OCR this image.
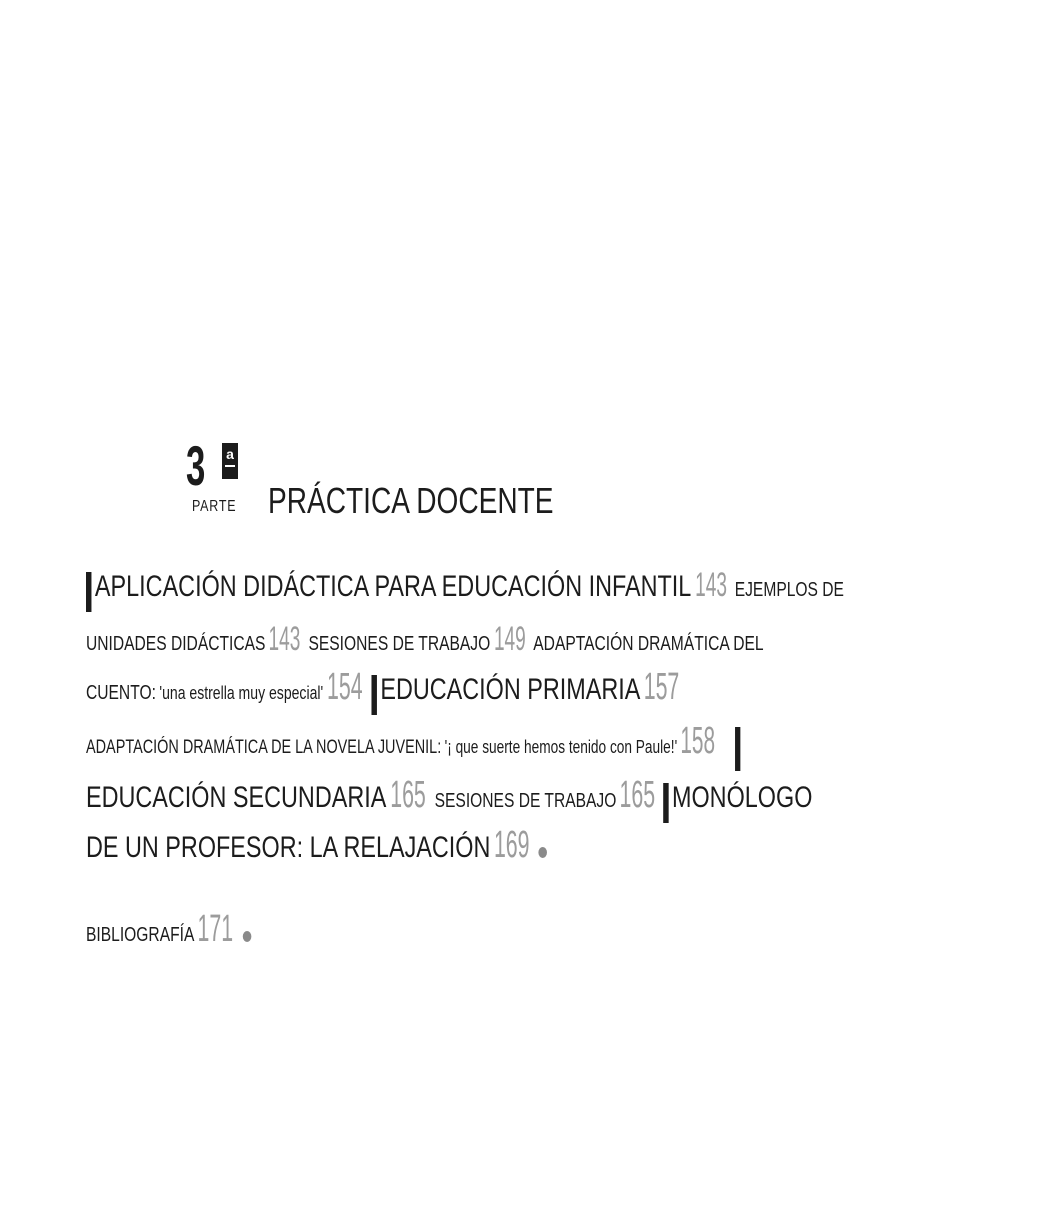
3	a
PARTE PRÁCTICA DOCENTE
APLICACIÓN DIDÁCTICA PARA EDUCACIÓN INFANTIL 143 EJEMPLOS DE
UNIDADES DIDÁCTICAS 143 SESIONES DE TRABAJO 149 ADAPTACIÓN DRAMÁTICA DEL
CUENTO: 'una estrella muy especial' 154 EDUCACIÓN PRIMARIA 157
ADAPTACIÓN DRAMÁTICA DE LA NOVELA JUVENIL: '¡ que suerte hemos tenido con Paule!' 158
EDUCACIÓN SECUNDARIA 165 SESIONES DE TRABAJO 165 MONÓLOGO
DE UN PROFESOR: LA RELAJACIÓN 169
BIBLIOGRAFÍA 171
